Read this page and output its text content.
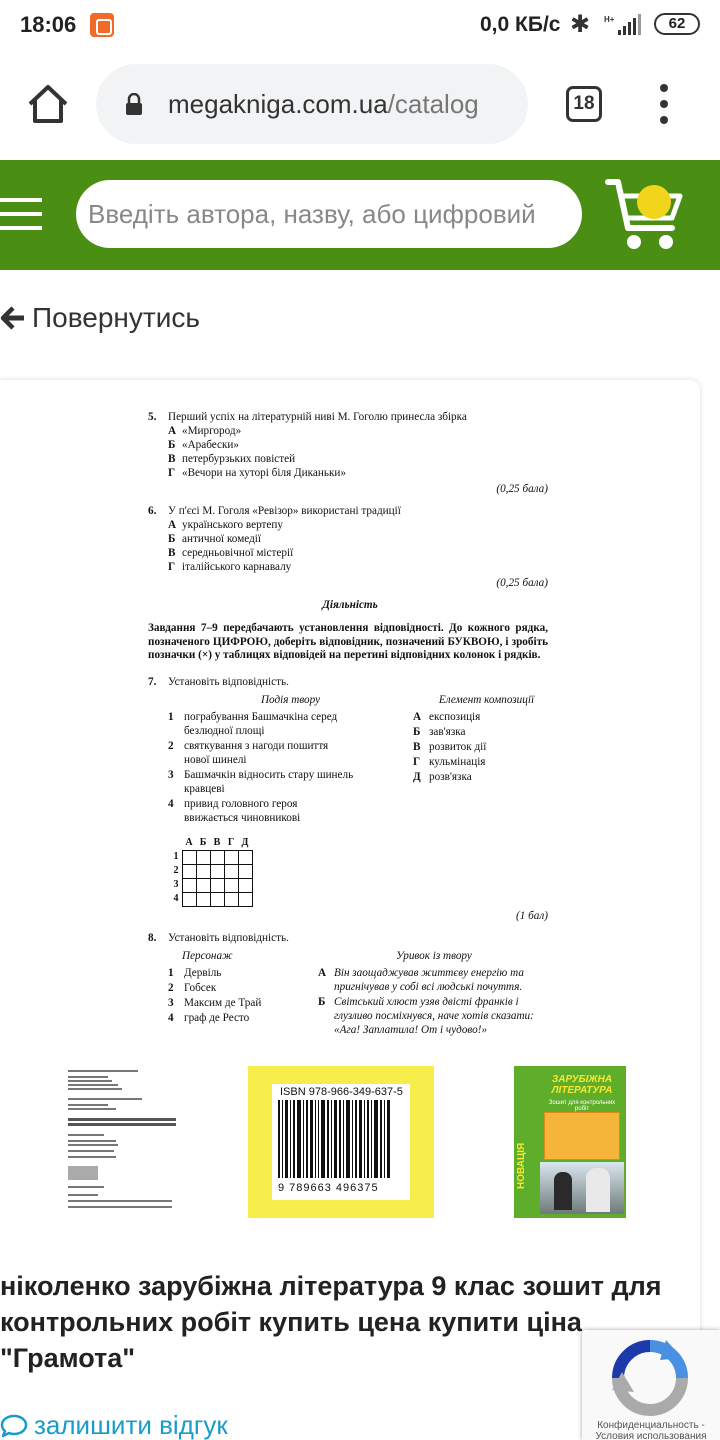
18:06	0,0 КБ/с ✱ H+	62
megakniga.com.ua/catalog	18
Введіть автора, назву, або цифровий
Повернутись
5.	Перший успіх на літературній ниві М. Гоголю принесла збірка
А «Миргород»
Б «Арабески»
В петербурзьких повістей
Г «Вечори на хуторі біля Диканьки»
(0,25 бала)
6.	У п'єсі М. Гоголя «Ревізор» використані традиції
А українського вертепу
Б античної комедії
В середньовічної містерії
Г італійського карнавалу
(0,25 бала)
Діяльність
Завдання 7–9 передбачають установлення відповідності. До кожного рядка, позначеного ЦИФРОЮ, доберіть відповідник, позначений БУКВОЮ, і зробіть позначки (×) у таблицях відповідей на перетині відповідних колонок і рядків.
7.	Установіть відповідність.
Подія твору
1 пограбування Башмачкіна серед безлюдної площі
2 святкування з нагоди пошиття нової шинелі
3 Башмачкін відносить стару шинель кравцеві
4 привид головного героя ввижається чиновникові
Елемент композиції
А експозиція
Б зав'язка
В розвиток дії
Г кульмінація
Д розв'язка
	А	Б	В	Г	Д
1					
2					
3					
4					
(1 бал)
8.	Установіть відповідність.
Персонаж
1 Дервіль
2 Гобсек
3 Максим де Трай
4 граф де Ресто
Уривок із твору
А Він заощаджував життєву енергію та пригнічував у собі всі людські почуття.
Б Світський хлюст узяв двісті франків і глузливо посміхнувся, наче хотів сказати: «Ага! Заплатила! От і чудово!»
ISBN 978-966-349-637-5
9 789663 496375
ЗАРУБІЖНА ЛІТЕРАТУРА
Зошит для контрольних робіт
НОВАЦІЯ
ніколенко зарубіжна література 9 клас зошит для контрольних робіт купить цена купити ціна "Грамота"
залишити відгук	Конфиденциальность -
Условия использования
